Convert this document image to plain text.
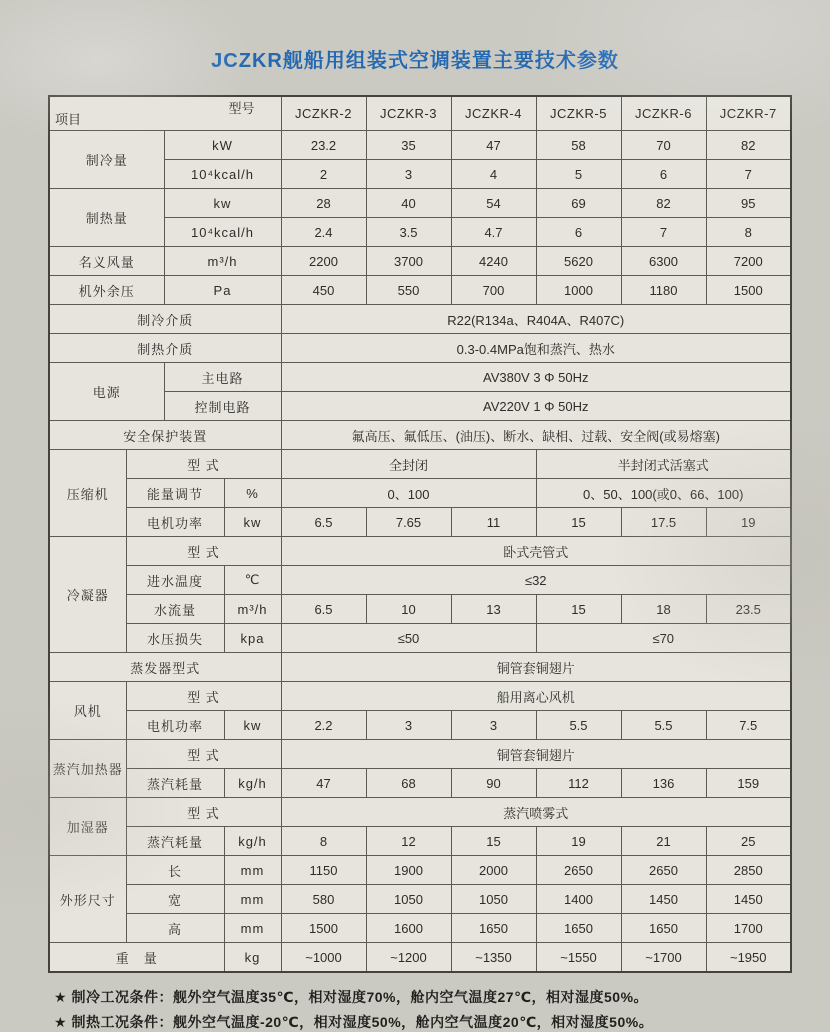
JCZKR舰船用组装式空调装置主要技术参数
型号
项目				JCZKR-2	JCZKR-3	JCZKR-4	JCZKR-5	JCZKR-6	JCZKR-7
制冷量		kW		23.2	35	47	58	70	82
		10⁴kcal/h		2	3	4	5	6	7
制热量		kw		28	40	54	69	82	95
		10⁴kcal/h		2.4	3.5	4.7	6	7	8
名义风量		m³/h		2200	3700	4240	5620	6300	7200
机外余压		Pa		450	550	700	1000	1180	1500
制冷介质				R22(R134a、R404A、R407C)					
制热介质				0.3-0.4MPa饱和蒸汽、热水					
电源		主电路		AV380V 3 Φ 50Hz					
		控制电路		AV220V 1 Φ 50Hz					
安全保护装置				氟高压、氟低压、(油压)、断水、缺相、过载、安全阀(或易熔塞)					
压缩机	型 式			全封闭			半封闭式活塞式		
	能量调节		%	0、100			0、50、100(或0、66、100)		
	电机功率		kw	6.5	7.65	11	15	17.5	19
冷凝器	型 式			卧式壳管式					
	进水温度		℃	≤32					
	水流量		m³/h	6.5	10	13	15	18	23.5
	水压损失		kpa	≤50			≤70		
蒸发器型式				铜管套铜翅片					
风机	型 式			船用离心风机					
	电机功率		kw	2.2	3	3	5.5	5.5	7.5
蒸汽加热器	型 式			铜管套铜翅片					
	蒸汽耗量		kg/h	47	68	90	112	136	159
加湿器	型 式			蒸汽喷雾式					
	蒸汽耗量		kg/h	8	12	15	19	21	25
外形尺寸	长		mm	1150	1900	2000	2650	2650	2850
	宽		mm	580	1050	1050	1400	1450	1450
	高		mm	1500	1600	1650	1650	1650	1700
重　量			kg	~1000	~1200	~1350	~1550	~1700	~1950

★ 制冷工况条件：舰外空气温度35℃，相对湿度70%，舱内空气温度27℃，相对湿度50%。

★ 制热工况条件：舰外空气温度-20℃，相对湿度50%，舱内空气温度20℃，相对湿度50%。
